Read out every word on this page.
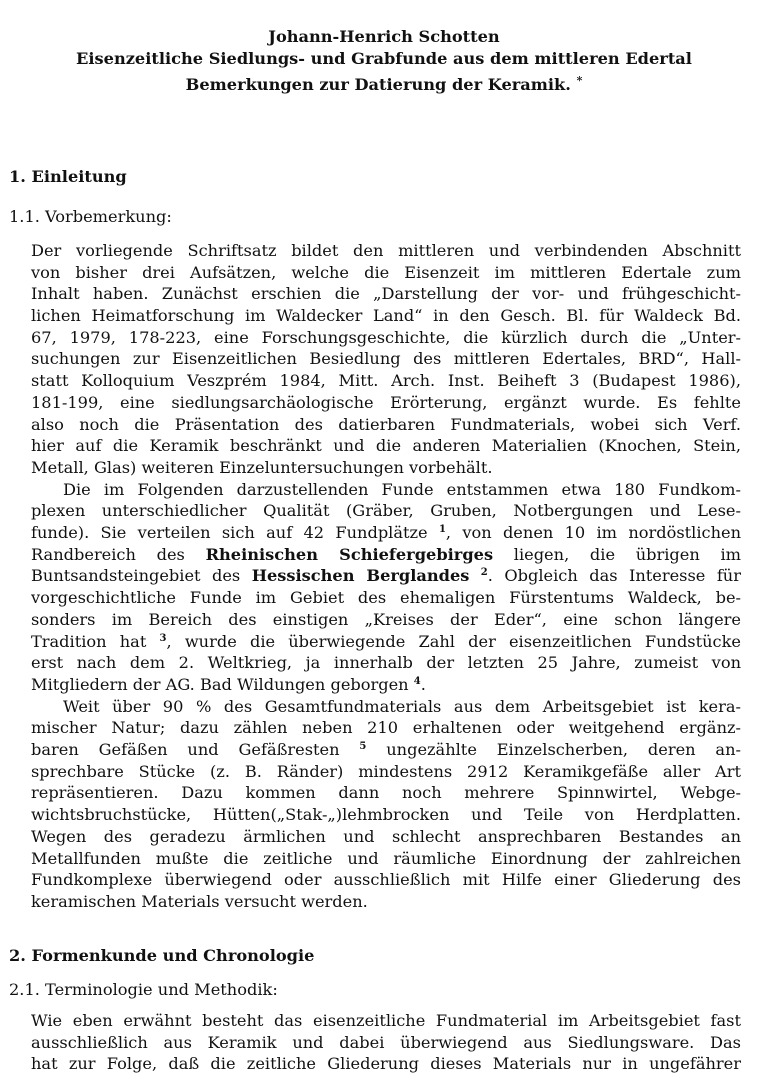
Johann-Henrich Schotten
Eisenzeitliche Siedlungs- und Grabfunde aus dem mittleren Edertal
Bemerkungen zur Datierung der Keramik. *
1. Einleitung
1.1. Vorbemerkung:
Der vorliegende Schriftsatz bildet den mittleren und verbindenden Abschnitt
von bisher drei Aufsätzen, welche die Eisenzeit im mittleren Edertale zum
Inhalt haben. Zunächst erschien die „Darstellung der vor- und frühgeschicht-
lichen Heimatforschung im Waldecker Land“ in den Gesch. Bl. für Waldeck Bd.
67, 1979, 178-223, eine Forschungsgeschichte, die kürzlich durch die „Unter-
suchungen zur Eisenzeitlichen Besiedlung des mittleren Edertales, BRD“, Hall-
statt Kolloquium Veszprém 1984, Mitt. Arch. Inst. Beiheft 3 (Budapest 1986),
181-199, eine siedlungsarchäologische Erörterung, ergänzt wurde. Es fehlte
also noch die Präsentation des datierbaren Fundmaterials, wobei sich Verf.
hier auf die Keramik beschränkt und die anderen Materialien (Knochen, Stein,
Metall, Glas) weiteren Einzeluntersuchungen vorbehält.
Die im Folgenden darzustellenden Funde entstammen etwa 180 Fundkom-
plexen unterschiedlicher Qualität (Gräber, Gruben, Notbergungen und Lese-
funde). Sie verteilen sich auf 42 Fundplätze $^1$, von denen 10 im nordöstlichen
Randbereich des Rheinischen Schiefergebirges liegen, die übrigen im
Buntsandsteingebiet des Hessischen Berglandes $^2$. Obgleich das Interesse für
vorgeschichtliche Funde im Gebiet des ehemaligen Fürstentums Waldeck, be-
sonders im Bereich des einstigen „Kreises der Eder“, eine schon längere
Tradition hat $^3$, wurde die überwiegende Zahl der eisenzeitlichen Fundstücke
erst nach dem 2. Weltkrieg, ja innerhalb der letzten 25 Jahre, zumeist von
Mitgliedern der AG. Bad Wildungen geborgen $^4$.
Weit über 90 % des Gesamtfundmaterials aus dem Arbeitsgebiet ist kera-
mischer Natur; dazu zählen neben 210 erhaltenen oder weitgehend ergänz-
baren Gefäßen und Gefäßresten $^5$ ungezählte Einzelscherben, deren an-
sprechbare Stücke (z. B. Ränder) mindestens 2912 Keramikgefäße aller Art
repräsentieren. Dazu kommen dann noch mehrere Spinnwirtel, Webge-
wichtsbruchstücke, Hütten(„Stak-„)lehmbrocken und Teile von Herdplatten.
Wegen des geradezu ärmlichen und schlecht ansprechbaren Bestandes an
Metallfunden mußte die zeitliche und räumliche Einordnung der zahlreichen
Fundkomplexe überwiegend oder ausschließlich mit Hilfe einer Gliederung des
keramischen Materials versucht werden.
2. Formenkunde und Chronologie
2.1. Terminologie und Methodik:
Wie eben erwähnt besteht das eisenzeitliche Fundmaterial im Arbeitsgebiet fast
ausschließlich aus Keramik und dabei überwiegend aus Siedlungsware. Das
hat zur Folge, daß die zeitliche Gliederung dieses Materials nur in ungefährer
